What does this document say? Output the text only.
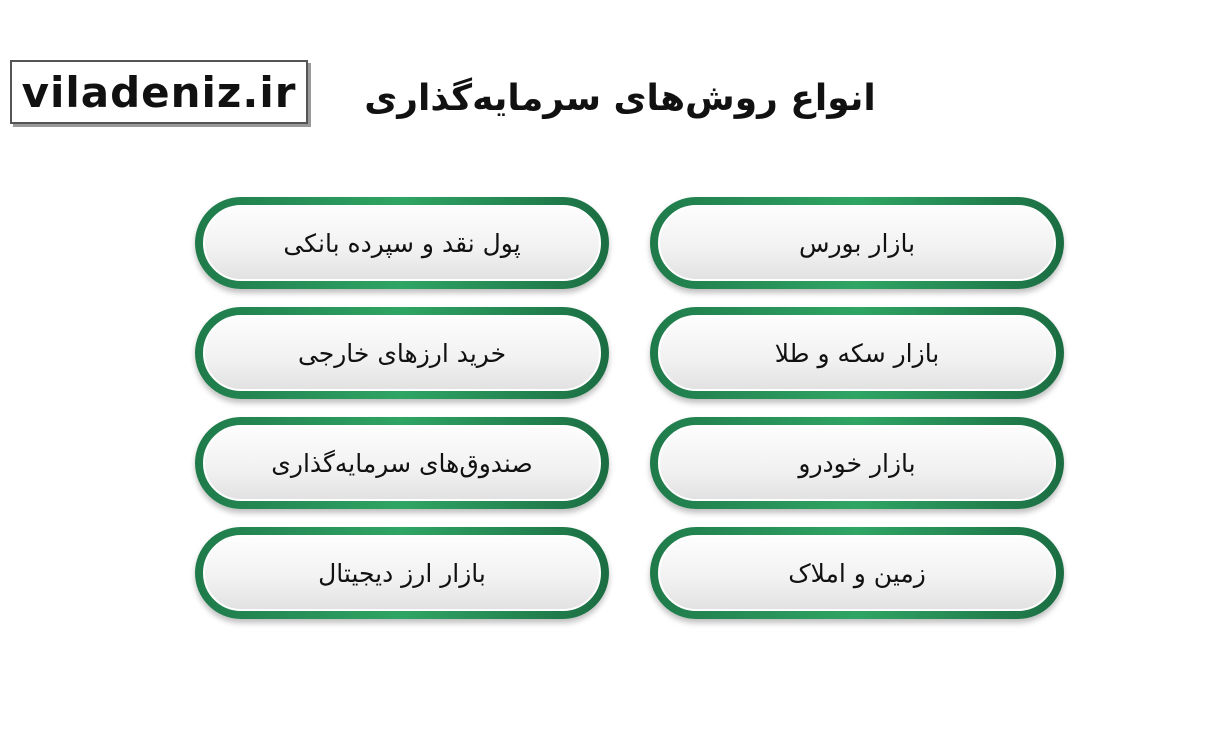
viladeniz.ir	انواع روش‌های سرمایه‌گذاری
بازار بورس
بازار سکه و طلا
بازار خودرو
زمین و املاک
پول نقد و سپرده بانکی
خرید ارزهای خارجی
صندوق‌های سرمایه‌گذاری
بازار ارز دیجیتال
